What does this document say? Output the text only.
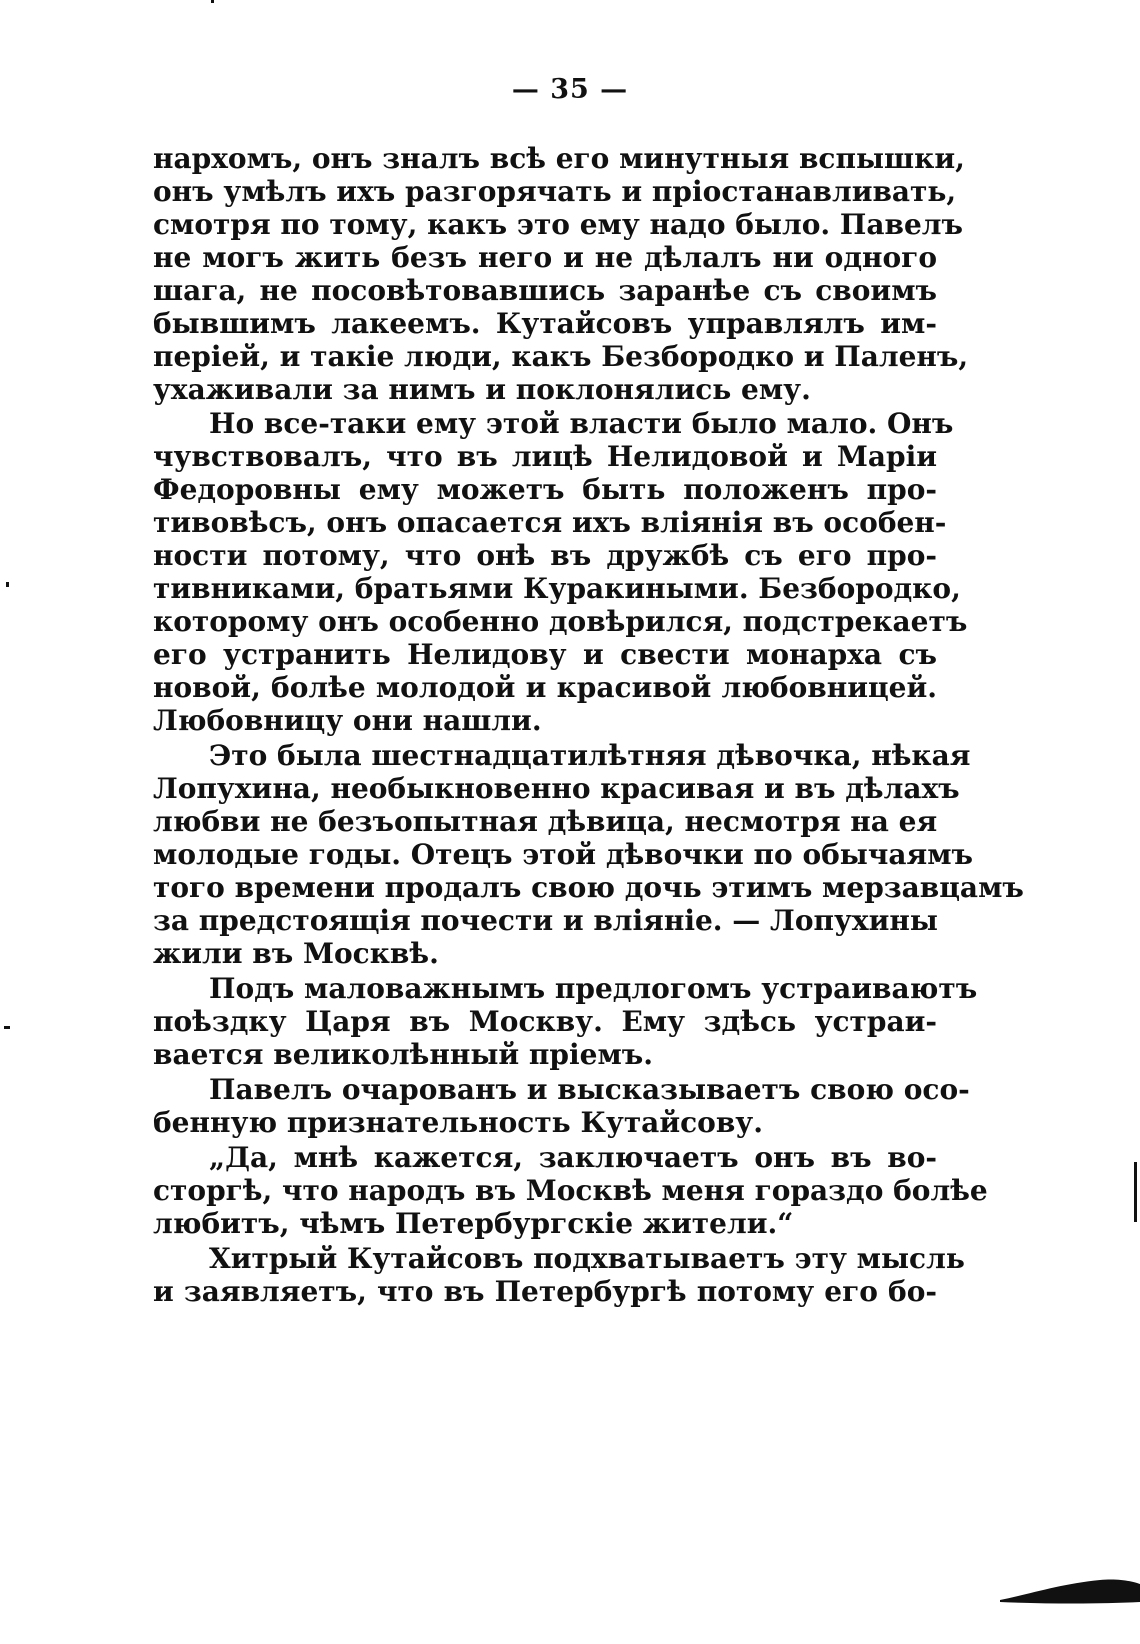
— 35 —
нархомъ, онъ зналъ всѣ его минутныя вспышки,
онъ умѣлъ ихъ разгорячать и пріостанавливать,
смотря по тому, какъ это ему надо было. Павелъ
не могъ жить безъ него и не дѣлалъ ни одного
шага, не посовѣтовавшись заранѣе съ своимъ
бывшимъ лакеемъ. Кутайсовъ управлялъ им-
періей, и такіе люди, какъ Безбородко и Паленъ,
ухаживали за нимъ и поклонялись ему.
Но все-таки ему этой власти было мало. Онъ
чувствовалъ, что въ лицѣ Нелидовой и Маріи
Федоровны ему можетъ быть положенъ про-
тивовѣсъ, онъ опасается ихъ вліянія въ особен-
ности потому, что онѣ въ дружбѣ съ его про-
тивниками, братьями Куракиными. Безбородко,
которому онъ особенно довѣрился, подстрекаетъ
его устранить Нелидову и свести монарха съ
новой, болѣе молодой и красивой любовницей.
Любовницу они нашли.
Это была шестнадцатилѣтняя дѣвочка, нѣкая
Лопухина, необыкновенно красивая и въ дѣлахъ
любви не безъопытная дѣвица, несмотря на ея
молодые годы. Отецъ этой дѣвочки по обычаямъ
того времени продалъ свою дочь этимъ мерзавцамъ
за предстоящія почести и вліяніе. — Лопухины
жили въ Москвѣ.
Подъ маловажнымъ предлогомъ устраиваютъ
поѣздку Царя въ Москву. Ему здѣсь устраи-
вается великолѣнный пріемъ.
Павелъ очарованъ и высказываетъ свою осо-
бенную признательность Кутайсову.
„Да, мнѣ кажется, заключаетъ онъ въ во-
сторгѣ, что народъ въ Москвѣ меня гораздо болѣе
любитъ, чѣмъ Петербургскіе жители.“
Хитрый Кутайсовъ подхватываетъ эту мысль
и заявляетъ, что въ Петербургѣ потому его бо-
